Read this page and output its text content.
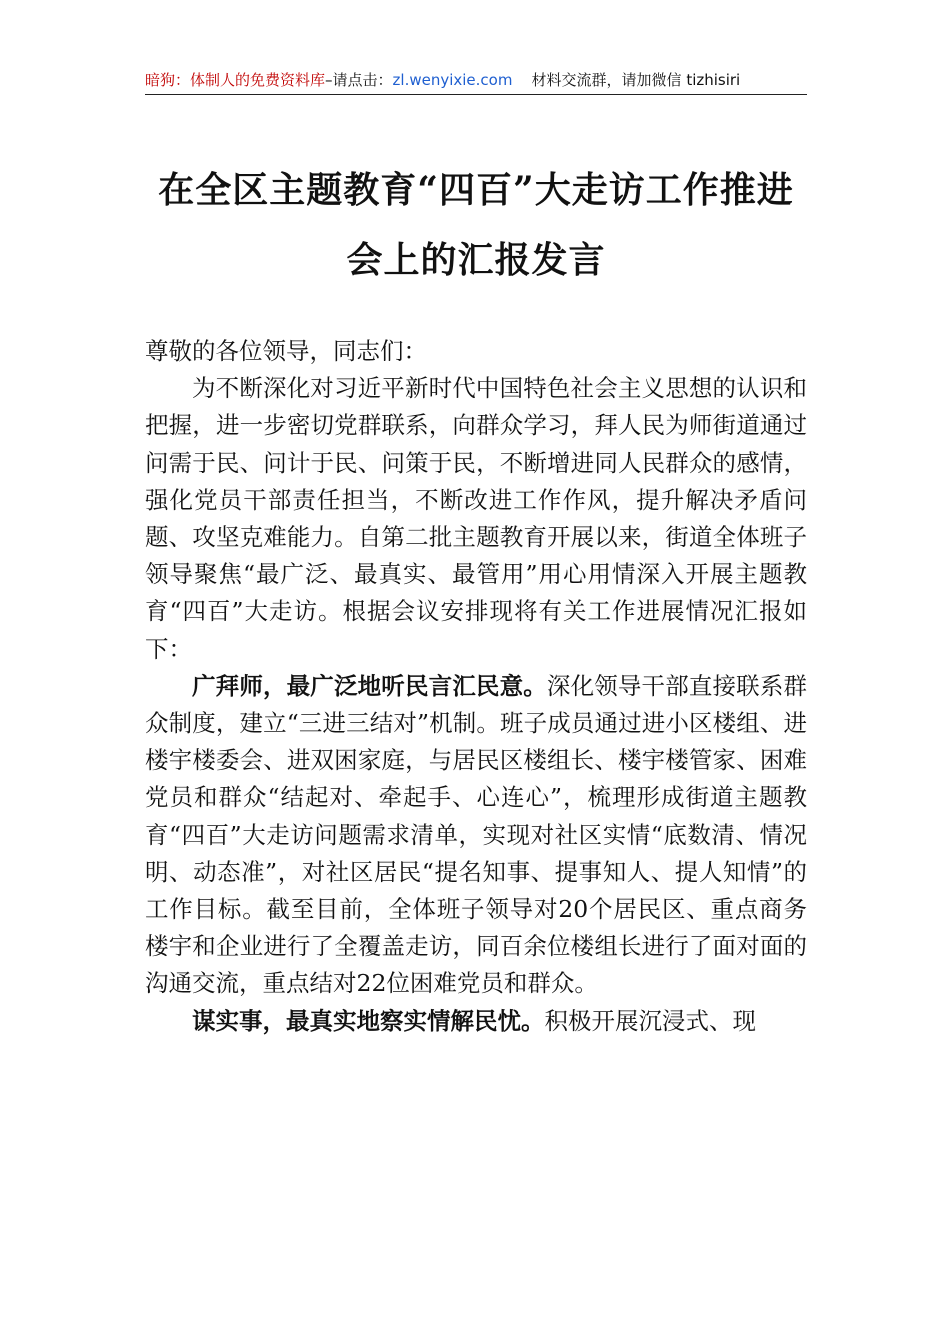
暗狗：体制人的免费资料库–请点击：zl.wenyixie.com 材料交流群，请加微信 tizhisiri
在全区主题教育“四百”大走访工作推进
会上的汇报发言

尊敬的各位领导，同志们：

为不断深化对习近平新时代中国特色社会主义思想的认识和把握，进一步密切党群联系，向群众学习，拜人民为师街道通过问需于民、问计于民、问策于民，不断增进同人民群众的感情，强化党员干部责任担当，不断改进工作作风，提升解决矛盾问题、攻坚克难能力。自第二批主题教育开展以来，街道全体班子领导聚焦“最广泛、最真实、最管用”用心用情深入开展主题教育“四百”大走访。根据会议安排现将有关工作进展情况汇报如下：

广拜师，最广泛地听民言汇民意。深化领导干部直接联系群众制度，建立“三进三结对”机制。班子成员通过进小区楼组、进楼宇楼委会、进双困家庭，与居民区楼组长、楼宇楼管家、困难党员和群众“结起对、牵起手、心连心”，梳理形成街道主题教育“四百”大走访问题需求清单，实现对社区实情“底数清、情况明、动态准”，对社区居民“提名知事、提事知人、提人知情”的工作目标。截至目前，全体班子领导对20个居民区、重点商务楼宇和企业进行了全覆盖走访，同百余位楼组长进行了面对面的沟通交流，重点结对22位困难党员和群众。

谋实事，最真实地察实情解民忧。积极开展沉浸式、现
